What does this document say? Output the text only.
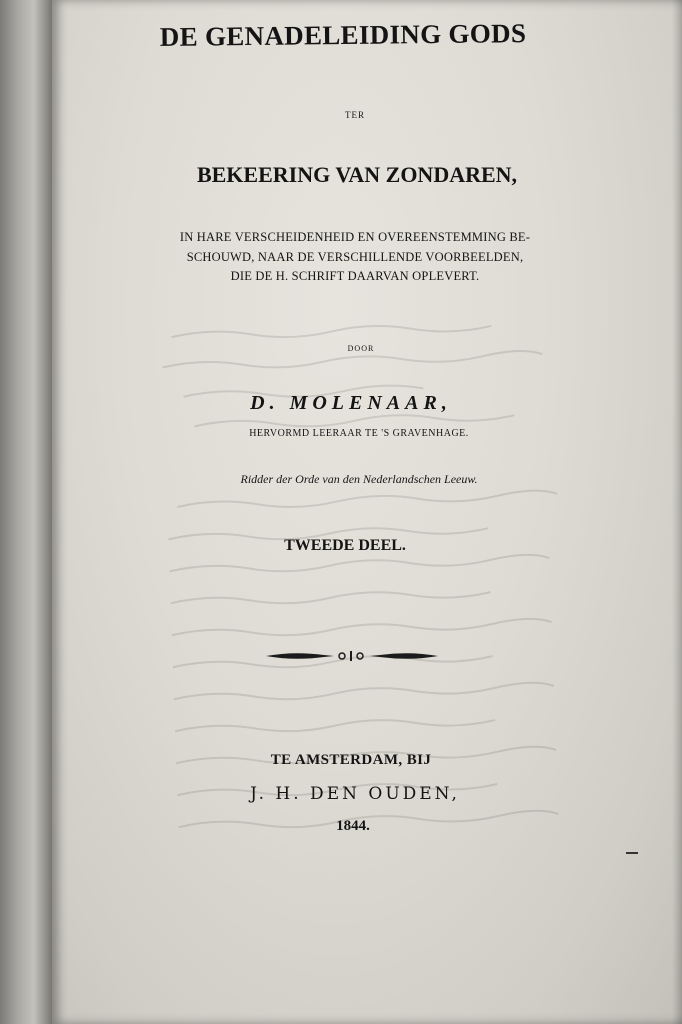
DE GENADELEIDING GODS
TER
BEKEERING VAN ZONDAREN,
IN HARE VERSCHEIDENHEID EN OVEREENSTEMMING BE-
SCHOUWD, NAAR DE VERSCHILLENDE VOORBEELDEN,
DIE DE H. SCHRIFT DAARVAN OPLEVERT.
DOOR
D. MOLENAAR,
HERVORMD LEERAAR TE 'S GRAVENHAGE.
Ridder der Orde van den Nederlandschen Leeuw.
TWEEDE DEEL.
TE AMSTERDAM, BIJ
J. H. DEN OUDEN,
1844.
